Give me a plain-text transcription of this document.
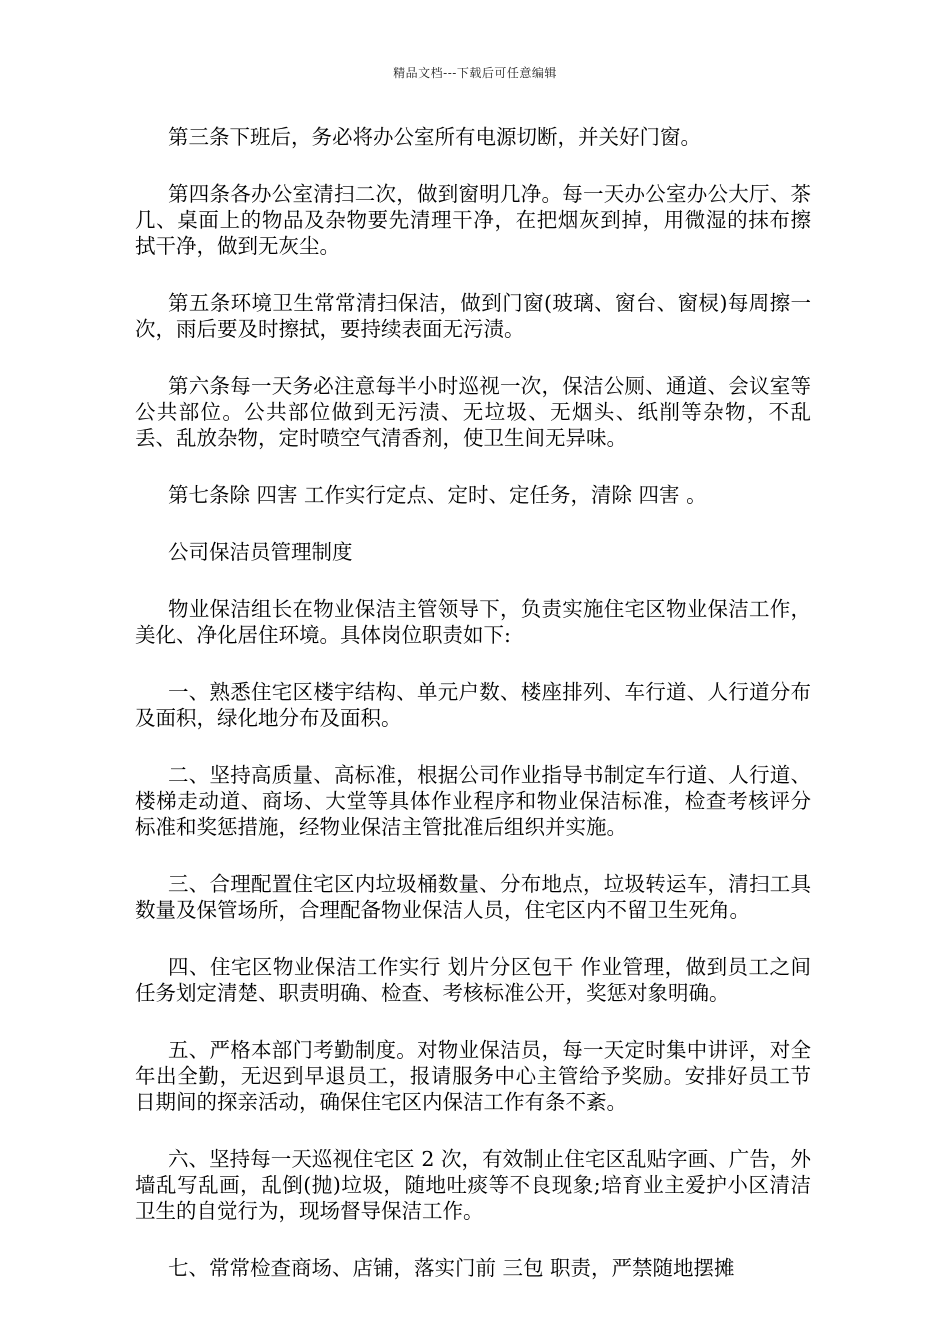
精品文档---下载后可任意编辑

第三条下班后，务必将办公室所有电源切断，并关好门窗。

第四条各办公室清扫二次，做到窗明几净。每一天办公室办公大厅、茶几、桌面上的物品及杂物要先清理干净，在把烟灰到掉，用微湿的抹布擦拭干净，做到无灰尘。

第五条环境卫生常常清扫保洁，做到门窗(玻璃、窗台、窗棂)每周擦一次，雨后要及时擦拭，要持续表面无污渍。

第六条每一天务必注意每半小时巡视一次，保洁公厕、通道、会议室等公共部位。公共部位做到无污渍、无垃圾、无烟头、纸削等杂物，不乱丢、乱放杂物，定时喷空气清香剂，使卫生间无异味。

第七条除 四害 工作实行定点、定时、定任务，清除 四害 。

公司保洁员管理制度

物业保洁组长在物业保洁主管领导下，负责实施住宅区物业保洁工作，美化、净化居住环境。具体岗位职责如下:

一、熟悉住宅区楼宇结构、单元户数、楼座排列、车行道、人行道分布及面积，绿化地分布及面积。

二、坚持高质量、高标准，根据公司作业指导书制定车行道、人行道、楼梯走动道、商场、大堂等具体作业程序和物业保洁标准，检查考核评分标准和奖惩措施，经物业保洁主管批准后组织并实施。

三、合理配置住宅区内垃圾桶数量、分布地点，垃圾转运车，清扫工具数量及保管场所，合理配备物业保洁人员，住宅区内不留卫生死角。

四、住宅区物业保洁工作实行 划片分区包干 作业管理，做到员工之间任务划定清楚、职责明确、检查、考核标准公开，奖惩对象明确。

五、严格本部门考勤制度。对物业保洁员，每一天定时集中讲评，对全年出全勤，无迟到早退员工，报请服务中心主管给予奖励。安排好员工节日期间的探亲活动，确保住宅区内保洁工作有条不紊。

六、坚持每一天巡视住宅区 2 次，有效制止住宅区乱贴字画、广告，外墙乱写乱画，乱倒(抛)垃圾，随地吐痰等不良现象;培育业主爱护小区清洁卫生的自觉行为，现场督导保洁工作。

七、常常检查商场、店铺，落实门前 三包 职责，严禁随地摆摊
